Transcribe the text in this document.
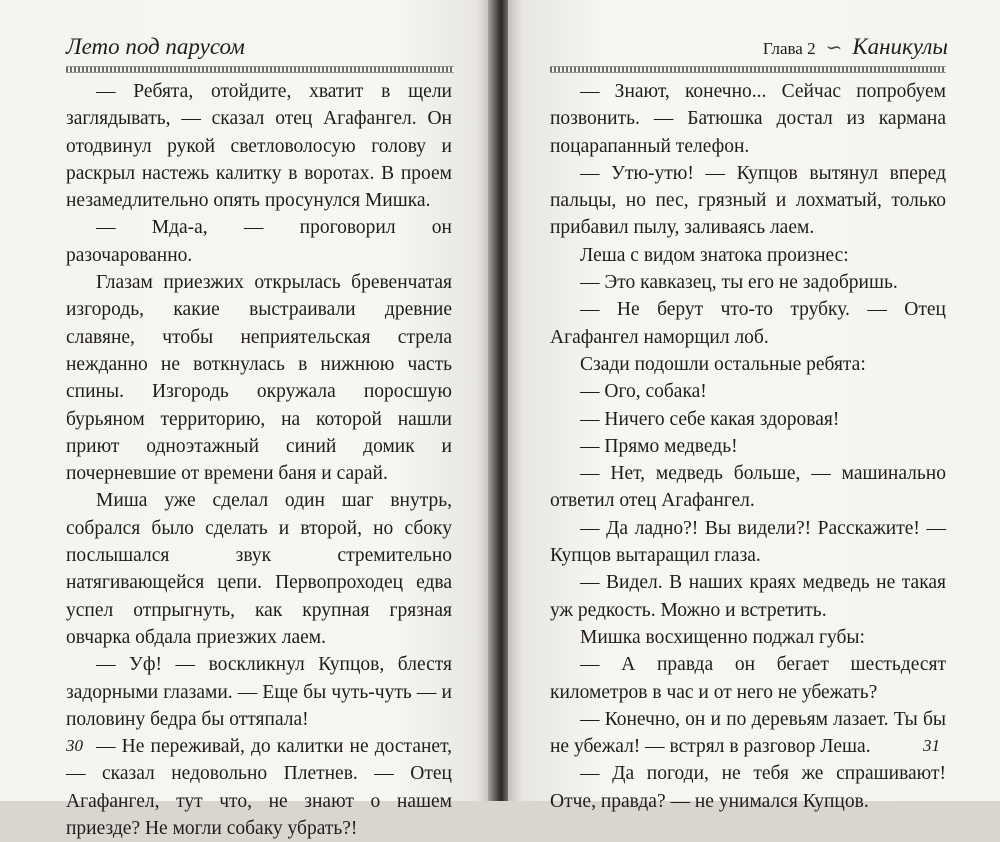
Лето под парусом

— Ребята, отойдите, хватит в щели заглядывать, — сказал отец Агафангел. Он отодвинул рукой светловолосую голову и раскрыл настежь калитку в воротах. В проем незамедлительно опять просунулся Мишка.

— Мда-а, — проговорил он разочарованно.

Глазам приезжих открылась бревенчатая изгородь, какие выстраивали древние славяне, чтобы неприятельская стрела нежданно не воткнулась в нижнюю часть спины. Изгородь окружала поросшую бурьяном территорию, на которой нашли приют одноэтажный синий домик и почерневшие от времени баня и сарай.

Миша уже сделал один шаг внутрь, собрался было сделать и второй, но сбоку послышался звук стремительно натягивающейся цепи. Первопроходец едва успел отпрыгнуть, как крупная грязная овчарка обдала приезжих лаем.

— Уф! — воскликнул Купцов, блестя задорными глазами. — Еще бы чуть-чуть — и половину бедра бы оттяпала!

— Не переживай, до калитки не достанет, — сказал недовольно Плетнев. — Отец Агафангел, тут что, не знают о нашем приезде? Не могли собаку убрать?!

30
Глава 2 ∽ Каникулы

— Знают, конечно... Сейчас попробуем позвонить. — Батюшка достал из кармана поцарапанный телефон.

— Утю-утю! — Купцов вытянул вперед пальцы, но пес, грязный и лохматый, только прибавил пылу, заливаясь лаем.

Леша с видом знатока произнес:

— Это кавказец, ты его не задобришь.

— Не берут что-то трубку. — Отец Агафангел наморщил лоб.

Сзади подошли остальные ребята:

— Ого, собака!

— Ничего себе какая здоровая!

— Прямо медведь!

— Нет, медведь больше, — машинально ответил отец Агафангел.

— Да ладно?! Вы видели?! Расскажите! — Купцов вытаращил глаза.

— Видел. В наших краях медведь не такая уж редкость. Можно и встретить.

Мишка восхищенно поджал губы:

— А правда он бегает шестьдесят километров в час и от него не убежать?

— Конечно, он и по деревьям лазает. Ты бы не убежал! — встрял в разговор Леша.

— Да погоди, не тебя же спрашивают! Отче, правда? — не унимался Купцов.

31
